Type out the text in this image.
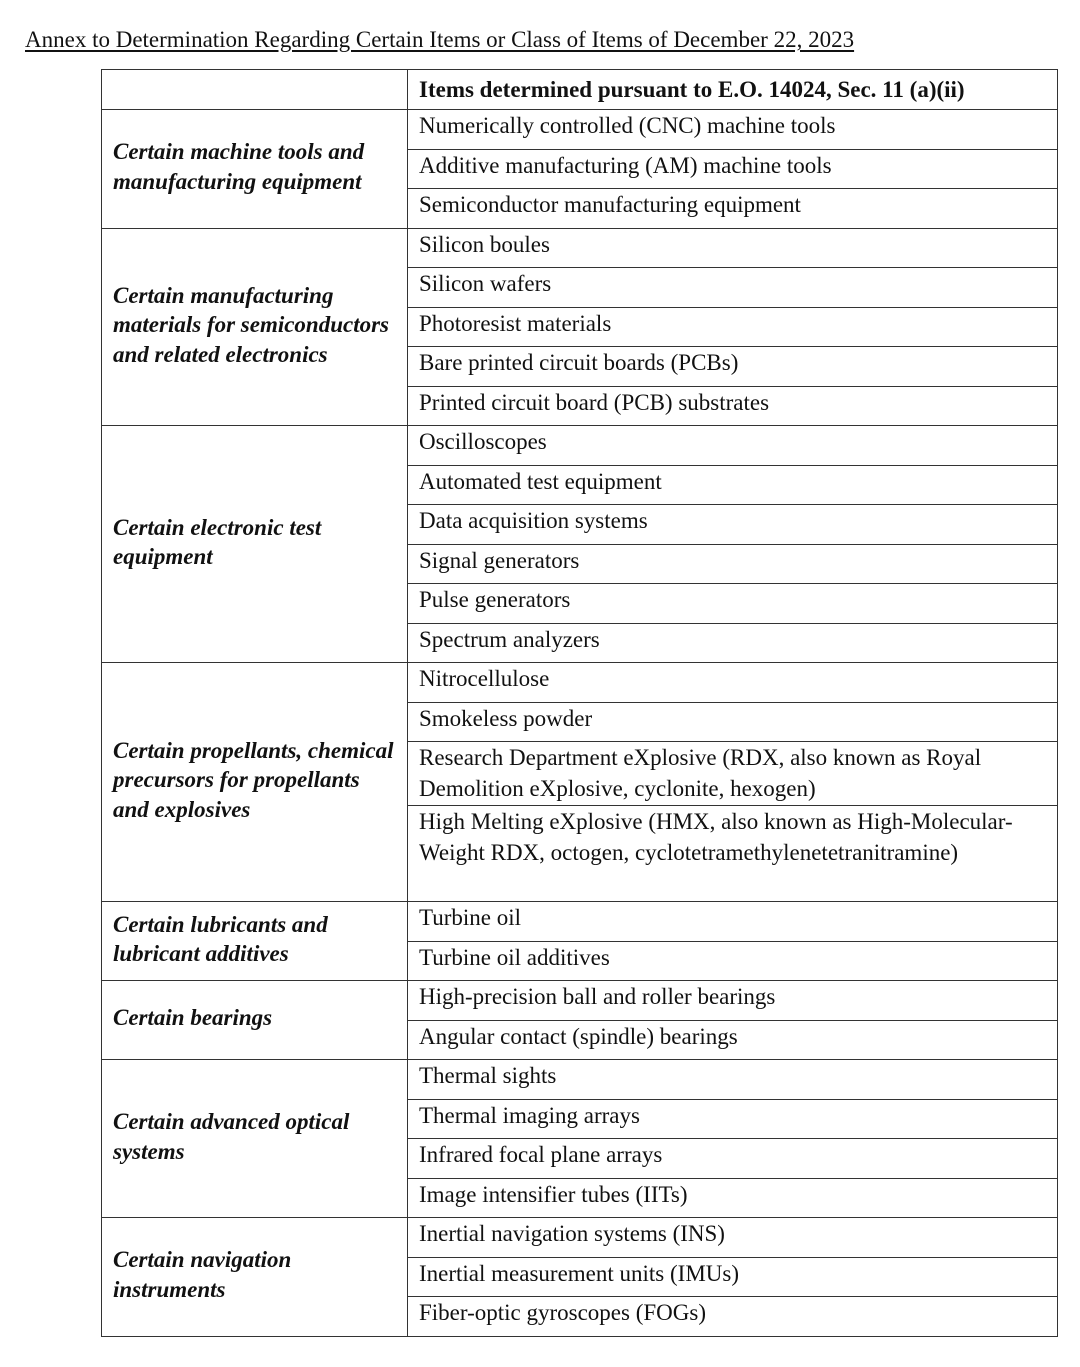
Annex to Determination Regarding Certain Items or Class of Items of December 22, 2023
	Items determined pursuant to E.O. 14024, Sec. 11 (a)(ii)

Certain machine tools and manufacturing equipment	Numerically controlled (CNC) machine tools
	Additive manufacturing (AM) machine tools
	Semiconductor manufacturing equipment

Certain manufacturing materials for semiconductors and related electronics	Silicon boules
	Silicon wafers
	Photoresist materials
	Bare printed circuit boards (PCBs)
	Printed circuit board (PCB) substrates

Certain electronic test equipment	Oscilloscopes
	Automated test equipment
	Data acquisition systems
	Signal generators
	Pulse generators
	Spectrum analyzers

Certain propellants, chemical precursors for propellants and explosives	Nitrocellulose
	Smokeless powder
	Research Department eXplosive (RDX, also known as Royal Demolition eXplosive, cyclonite, hexogen)
	High Melting eXplosive (HMX, also known as High-Molecular-Weight RDX, octogen, cyclotetramethylenetetranitramine)

Certain lubricants and lubricant additives	Turbine oil
	Turbine oil additives

Certain bearings	High-precision ball and roller bearings
	Angular contact (spindle) bearings

Certain advanced optical systems	Thermal sights
	Thermal imaging arrays
	Infrared focal plane arrays
	Image intensifier tubes (IITs)

Certain navigation instruments	Inertial navigation systems (INS)
	Inertial measurement units (IMUs)
	Fiber-optic gyroscopes (FOGs)
